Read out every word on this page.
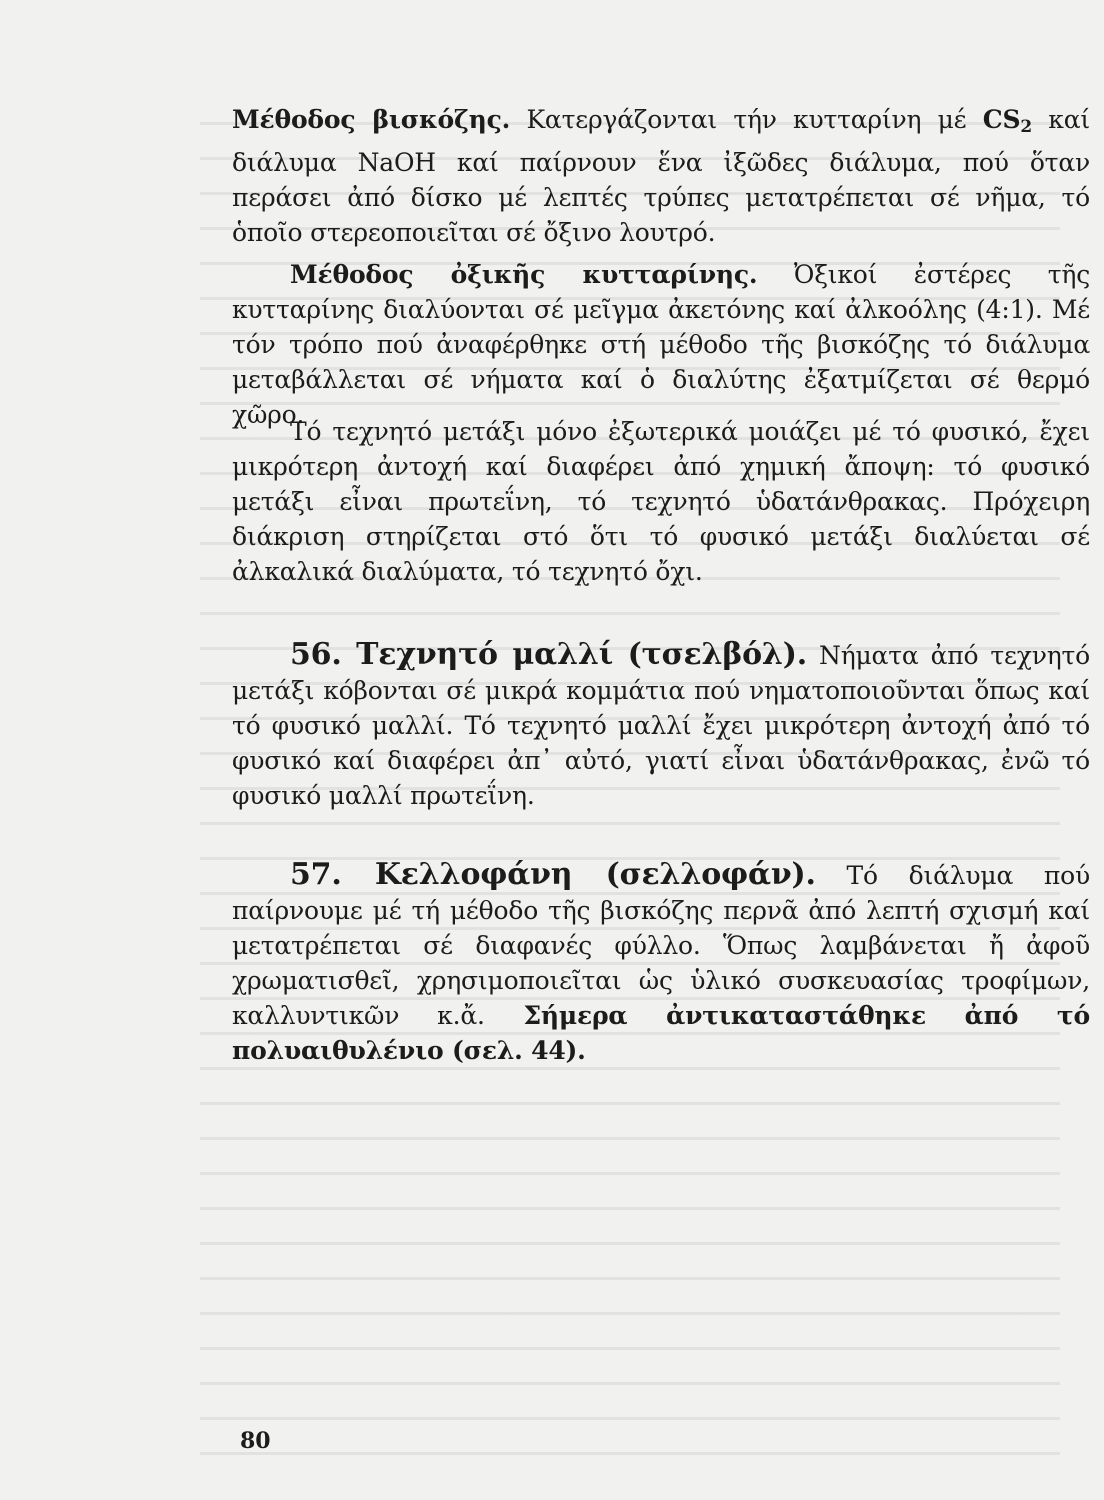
Μέθοδος βισκόζης. Κατεργάζονται τήν κυτταρίνη μέ $CS_2$ καί διάλυμα NaOH καί παίρνουν ἕνα ἰξῶδες διάλυμα, πού ὅταν περάσει ἀπό δίσκο μέ λεπτές τρύπες μετατρέπεται σέ νῆμα, τό ὁποῖο στερεοποιεῖται σέ ὄξινο λουτρό.

Μέθοδος ὀξικῆς κυτταρίνης. Ὀξικοί ἐστέρες τῆς κυτταρίνης διαλύονται σέ μεῖγμα ἀκετόνης καί ἀλκοόλης (4:1). Μέ τόν τρόπο πού ἀναφέρθηκε στή μέθοδο τῆς βισκόζης τό διάλυμα μεταβάλλεται σέ νήματα καί ὁ διαλύτης ἐξατμίζεται σέ θερμό χῶρο.

Τό τεχνητό μετάξι μόνο ἐξωτερικά μοιάζει μέ τό φυσικό, ἔχει μικρότερη ἀντοχή καί διαφέρει ἀπό χημική ἄποψη: τό φυσικό μετάξι εἶναι πρωτεΐνη, τό τεχνητό ὑδατάνθρακας. Πρόχειρη διάκριση στηρίζεται στό ὅτι τό φυσικό μετάξι διαλύεται σέ ἀλκαλικά διαλύματα, τό τεχνητό ὄχι.

56. Τεχνητό μαλλί (τσελβόλ). Νήματα ἀπό τεχνητό μετάξι κόβονται σέ μικρά κομμάτια πού νηματοποιοῦνται ὅπως καί τό φυσικό μαλλί. Τό τεχνητό μαλλί ἔχει μικρότερη ἀντοχή ἀπό τό φυσικό καί διαφέρει ἀπ᾽ αὐτό, γιατί εἶναι ὑδατάνθρακας, ἐνῶ τό φυσικό μαλλί πρωτεΐνη.

57. Κελλοφάνη (σελλοφάν). Τό διάλυμα πού παίρνουμε μέ τή μέθοδο τῆς βισκόζης περνᾶ ἀπό λεπτή σχισμή καί μετατρέπεται σέ διαφανές φύλλο. Ὅπως λαμβάνεται ἤ ἀφοῦ χρωματισθεῖ, χρησιμοποιεῖται ὡς ὑλικό συσκευασίας τροφίμων, καλλυντικῶν κ.ἄ. Σήμερα ἀντικαταστάθηκε ἀπό τό πολυαιθυλένιο (σελ. 44).

80
